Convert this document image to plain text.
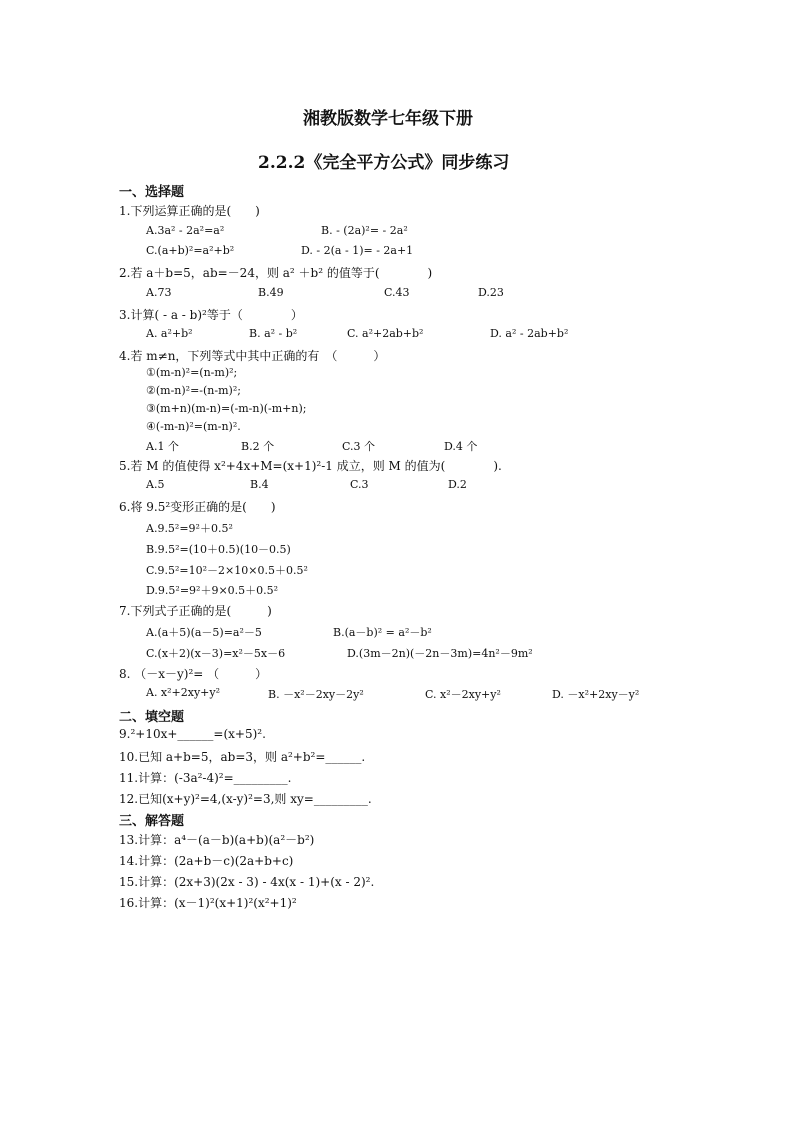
湘教版数学七年级下册
2.2.2《完全平方公式》同步练习
一、选择题
1.下列运算正确的是(　　)
A.3a² - 2a²=a²	B. - (2a)²= - 2a²
C.(a+b)²=a²+b²	D. - 2(a - 1)= - 2a+1
2.若 a＋b=5，ab=－24，则 a² ＋b² 的值等于(　　　　)
A.73	B.49	C.43	D.23
3.计算( - a - b)²等于（　　　　）
A. a²+b²	B. a² - b²	C. a²+2ab+b²	D. a² - 2ab+b²
4.若 m≠n，下列等式中其中正确的有　（　　　）
①(m-n)²=(n-m)²;
②(m-n)²=-(n-m)²;
③(m+n)(m-n)=(-m-n)(-m+n);
④(-m-n)²=(m-n)².
A.1 个	B.2 个	C.3 个	D.4 个
5.若 M 的值使得 x²+4x+M=(x+1)²-1 成立，则 M 的值为(　　　　).
A.5	B.4	C.3	D.2
6.将 9.5²变形正确的是(　　)
A.9.5²=9²＋0.5²
B.9.5²=(10＋0.5)(10－0.5)
C.9.5²=10²－2×10×0.5＋0.5²
D.9.5²=9²＋9×0.5＋0.5²
7.下列式子正确的是(　　　)
A.(a＋5)(a－5)=a²－5	B.(a－b)² = a²－b²
C.(x＋2)(x－3)=x²－5x－6	D.(3m－2n)(－2n－3m)=4n²－9m²
8. （－x－y)²= （　　　）
A. x²+2xy+y²	B. －x²－2xy－2y²	C. x²－2xy+y²	D. －x²+2xy－y²
二、填空题
9.²+10x+______=(x+5)².
10.已知 a+b=5，ab=3，则 a²+b²=______.
11.计算：(-3a²-4)²=_________.
12.已知(x+y)²=4,(x-y)²=3,则 xy=_________.
三、解答题
13.计算：a⁴－(a－b)(a+b)(a²－b²)
14.计算：(2a+b－c)(2a+b+c)
15.计算：(2x+3)(2x - 3) - 4x(x - 1)+(x - 2)².
16.计算：(x－1)²(x+1)²(x²+1)²
